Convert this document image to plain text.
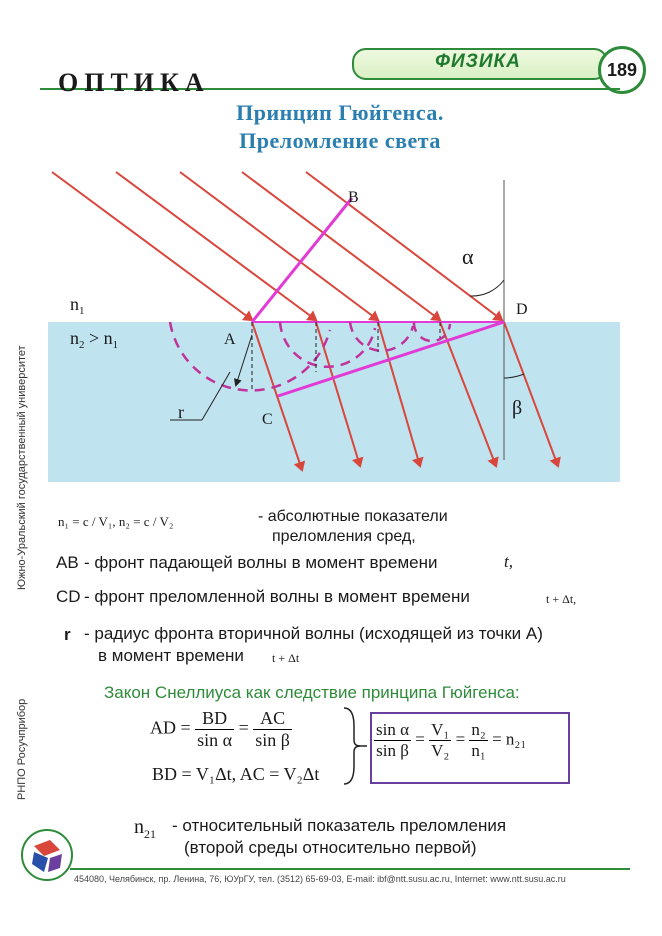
ФИЗИКА	189
ОПТИКА
Принцип Гюйгенса.
Преломление света
B
A
C
D
α
β
r
$n_1$
$n_2 > n_1$
n₁ = c / V₁, n₂ = c / V₂	- абсолютные показатели
преломления сред,
AB - фронт падающей волны в момент времени	t,
CD - фронт преломленной волны в момент времени	t + Δt,
r - радиус фронта вторичной волны (исходящей из точки А)
в момент времени t + Δt
Закон Снеллиуса как следствие принципа Гюйгенса:
AD = $\frac{BD}{\text{sin α}} = \frac{AC}{\text{sin β}}$
BD = V₁Δt, AC = V₂Δt
$\frac{\text{sin α}}{\text{sin β}} = \frac{\text{V₁}}{\text{V₂}} = \frac{\text{n₂}}{\text{n₁}} = n_{21}$
$n_{21}$ - относительный показатель преломления
(второй среды относительно первой)
Южно-Уральский государственный университет
РНПО Росучприбор
454080, Челябинск, пр. Ленина, 76, ЮУрГУ, тел. (3512) 65-69-03, E-mail: ibf@ntt.susu.ac.ru, Internet: www.ntt.susu.ac.ru
